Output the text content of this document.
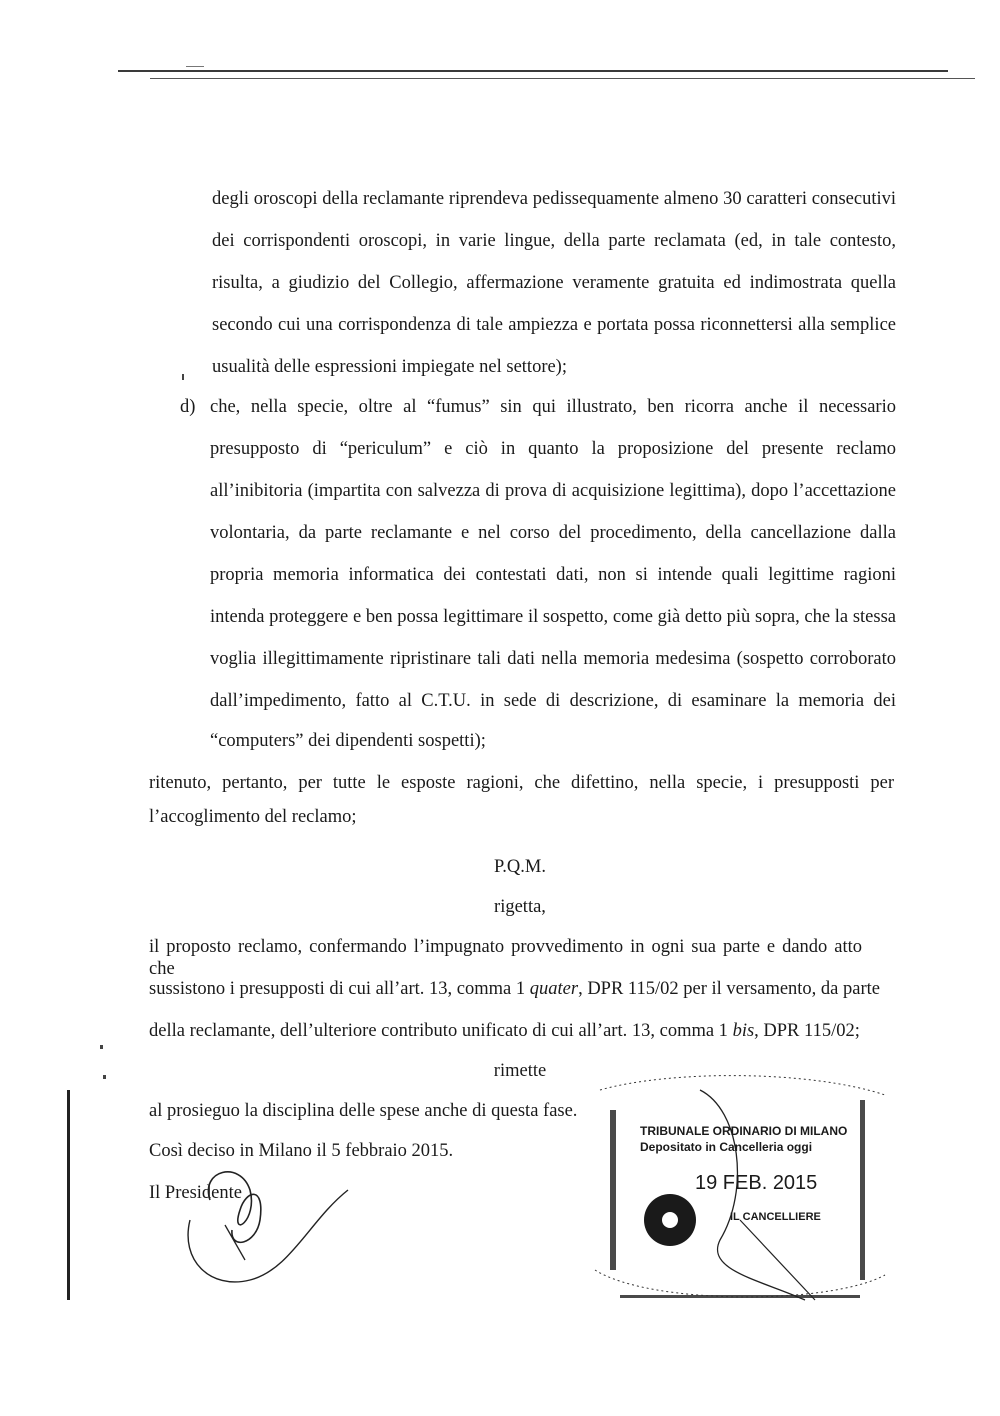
degli oroscopi della reclamante riprendeva pedissequamente almeno 30 caratteri consecutivi
dei corrispondenti oroscopi, in varie lingue, della parte reclamata (ed, in tale contesto,
risulta, a giudizio del Collegio, affermazione veramente gratuita ed indimostrata quella
secondo cui una corrispondenza di tale ampiezza e portata possa riconnettersi alla semplice
usualità delle espressioni impiegate nel settore);
d) che, nella specie, oltre al “fumus” sin qui illustrato, ben ricorra anche il necessario
presupposto di “periculum” e ciò in quanto la proposizione del presente reclamo
all’inibitoria (impartita con salvezza di prova di acquisizione legittima), dopo l’accettazione
volontaria, da parte reclamante e nel corso del procedimento, della cancellazione dalla
propria memoria informatica dei contestati dati, non si intende quali legittime ragioni
intenda proteggere e ben possa legittimare il sospetto, come già detto più sopra, che la stessa
voglia illegittimamente ripristinare tali dati nella memoria medesima (sospetto corroborato
dall’impedimento, fatto al C.T.U. in sede di descrizione, di esaminare la memoria dei
“computers” dei dipendenti sospetti);
ritenuto, pertanto, per tutte le esposte ragioni, che difettino, nella specie, i presupposti per
l’accoglimento del reclamo;
P.Q.M.
rigetta,
il proposto reclamo, confermando l’impugnato provvedimento in ogni sua parte e dando atto che
sussistono i presupposti di cui all’art. 13, comma 1 quater, DPR 115/02 per il versamento, da parte
della reclamante, dell’ulteriore contributo unificato di cui all’art. 13, comma 1 bis, DPR 115/02;
rimette
al prosieguo la disciplina delle spese anche di questa fase.
Così deciso in Milano il 5 febbraio 2015.
Il Presidente
TRIBUNALE ORDINARIO DI MILANO
Depositato in Cancelleria oggi
19 FEB. 2015
IL CANCELLIERE
